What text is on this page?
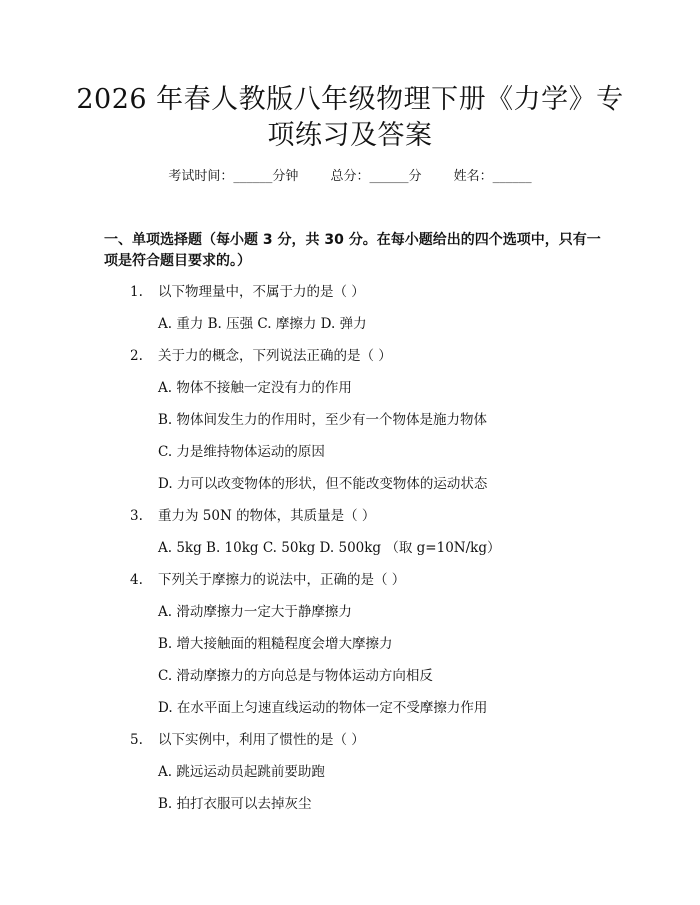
2026 年春人教版八年级物理下册《力学》专
项练习及答案
考试时间：______分钟 总分：______分 姓名：______
一、单项选择题（每小题 3 分，共 30 分。在每小题给出的四个选项中，只有一项是符合题目要求的。）
1. 以下物理量中，不属于力的是（ ）
A. 重力 B. 压强 C. 摩擦力 D. 弹力
2. 关于力的概念，下列说法正确的是（ ）
A. 物体不接触一定没有力的作用
B. 物体间发生力的作用时，至少有一个物体是施力物体
C. 力是维持物体运动的原因
D. 力可以改变物体的形状，但不能改变物体的运动状态
3. 重力为 50N 的物体，其质量是（ ）
A. 5kg B. 10kg C. 50kg D. 500kg （取 g=10N/kg）
4. 下列关于摩擦力的说法中，正确的是（ ）
A. 滑动摩擦力一定大于静摩擦力
B. 增大接触面的粗糙程度会增大摩擦力
C. 滑动摩擦力的方向总是与物体运动方向相反
D. 在水平面上匀速直线运动的物体一定不受摩擦力作用
5. 以下实例中，利用了惯性的是（ ）
A. 跳远运动员起跳前要助跑
B. 拍打衣服可以去掉灰尘
